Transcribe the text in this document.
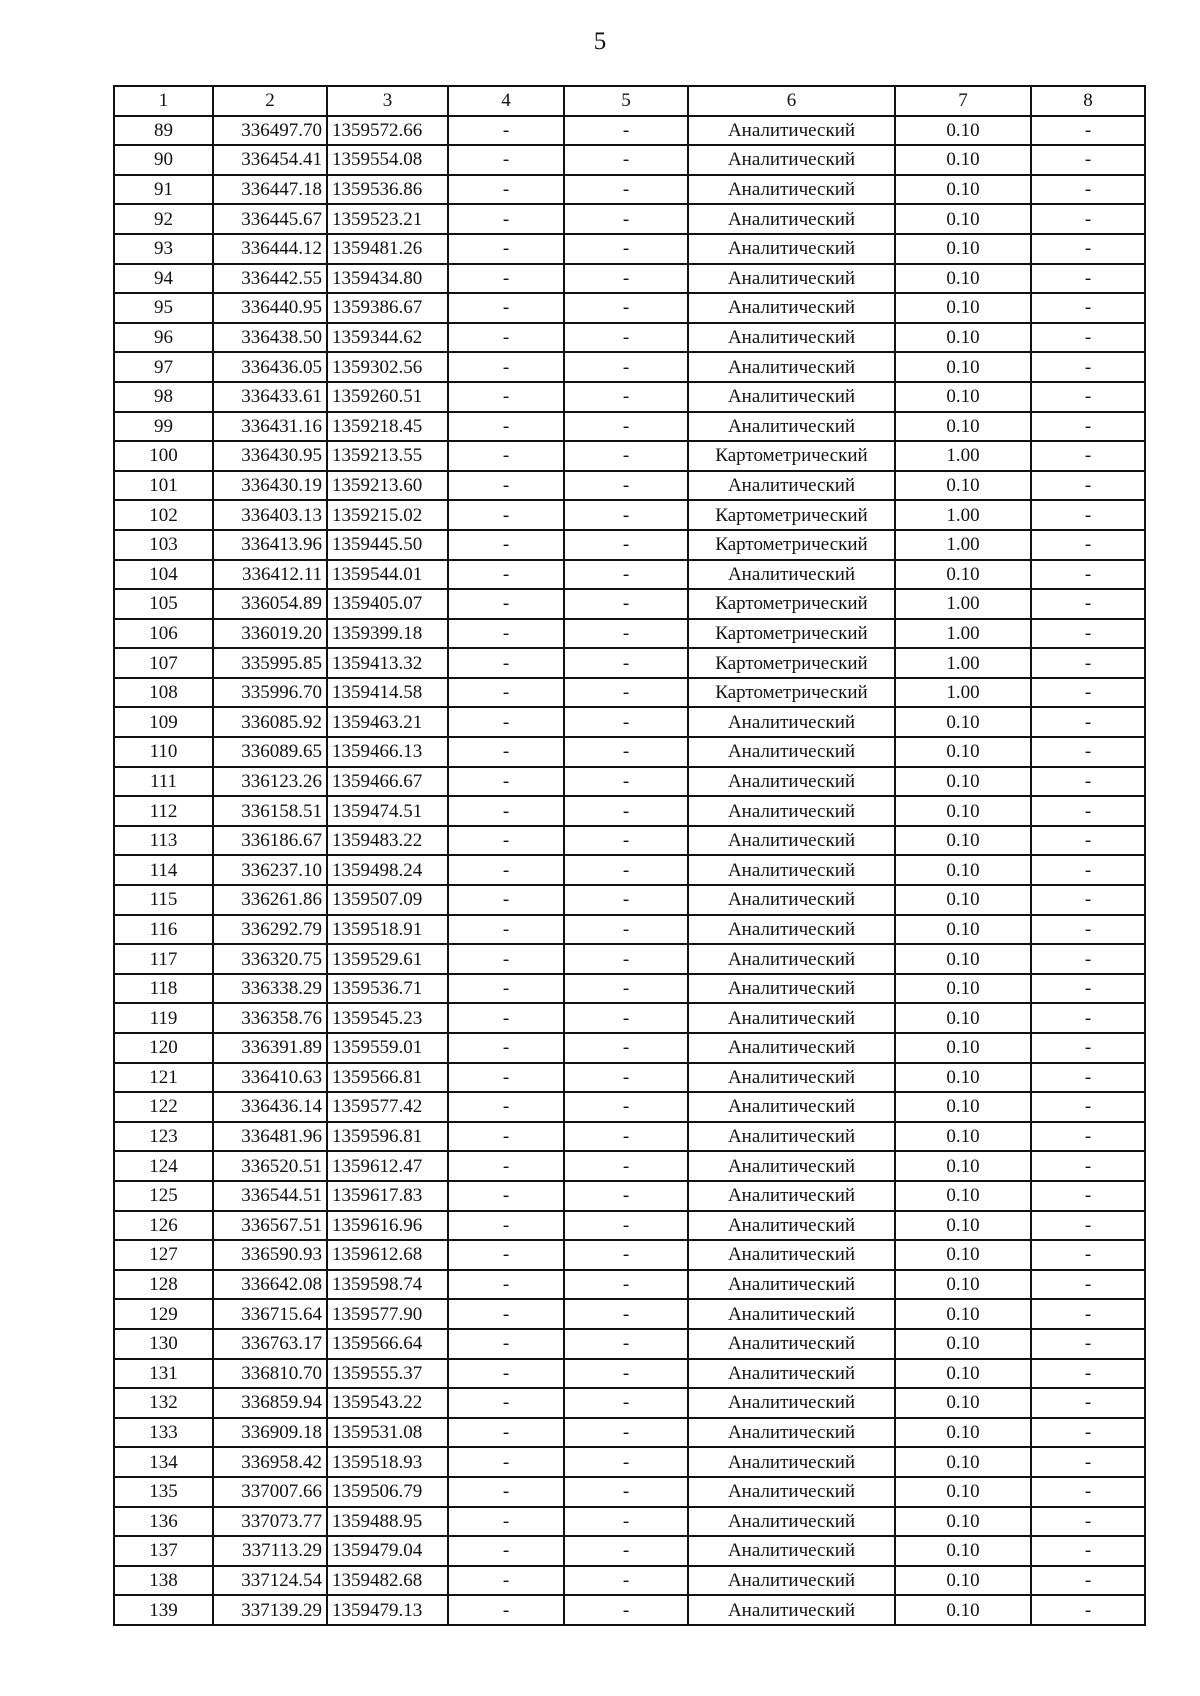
5
1	2	3	4	5	6	7	8
89	336497.70	1359572.66	-	-	Аналитический	0.10	-
90	336454.41	1359554.08	-	-	Аналитический	0.10	-
91	336447.18	1359536.86	-	-	Аналитический	0.10	-
92	336445.67	1359523.21	-	-	Аналитический	0.10	-
93	336444.12	1359481.26	-	-	Аналитический	0.10	-
94	336442.55	1359434.80	-	-	Аналитический	0.10	-
95	336440.95	1359386.67	-	-	Аналитический	0.10	-
96	336438.50	1359344.62	-	-	Аналитический	0.10	-
97	336436.05	1359302.56	-	-	Аналитический	0.10	-
98	336433.61	1359260.51	-	-	Аналитический	0.10	-
99	336431.16	1359218.45	-	-	Аналитический	0.10	-
100	336430.95	1359213.55	-	-	Картометрический	1.00	-
101	336430.19	1359213.60	-	-	Аналитический	0.10	-
102	336403.13	1359215.02	-	-	Картометрический	1.00	-
103	336413.96	1359445.50	-	-	Картометрический	1.00	-
104	336412.11	1359544.01	-	-	Аналитический	0.10	-
105	336054.89	1359405.07	-	-	Картометрический	1.00	-
106	336019.20	1359399.18	-	-	Картометрический	1.00	-
107	335995.85	1359413.32	-	-	Картометрический	1.00	-
108	335996.70	1359414.58	-	-	Картометрический	1.00	-
109	336085.92	1359463.21	-	-	Аналитический	0.10	-
110	336089.65	1359466.13	-	-	Аналитический	0.10	-
111	336123.26	1359466.67	-	-	Аналитический	0.10	-
112	336158.51	1359474.51	-	-	Аналитический	0.10	-
113	336186.67	1359483.22	-	-	Аналитический	0.10	-
114	336237.10	1359498.24	-	-	Аналитический	0.10	-
115	336261.86	1359507.09	-	-	Аналитический	0.10	-
116	336292.79	1359518.91	-	-	Аналитический	0.10	-
117	336320.75	1359529.61	-	-	Аналитический	0.10	-
118	336338.29	1359536.71	-	-	Аналитический	0.10	-
119	336358.76	1359545.23	-	-	Аналитический	0.10	-
120	336391.89	1359559.01	-	-	Аналитический	0.10	-
121	336410.63	1359566.81	-	-	Аналитический	0.10	-
122	336436.14	1359577.42	-	-	Аналитический	0.10	-
123	336481.96	1359596.81	-	-	Аналитический	0.10	-
124	336520.51	1359612.47	-	-	Аналитический	0.10	-
125	336544.51	1359617.83	-	-	Аналитический	0.10	-
126	336567.51	1359616.96	-	-	Аналитический	0.10	-
127	336590.93	1359612.68	-	-	Аналитический	0.10	-
128	336642.08	1359598.74	-	-	Аналитический	0.10	-
129	336715.64	1359577.90	-	-	Аналитический	0.10	-
130	336763.17	1359566.64	-	-	Аналитический	0.10	-
131	336810.70	1359555.37	-	-	Аналитический	0.10	-
132	336859.94	1359543.22	-	-	Аналитический	0.10	-
133	336909.18	1359531.08	-	-	Аналитический	0.10	-
134	336958.42	1359518.93	-	-	Аналитический	0.10	-
135	337007.66	1359506.79	-	-	Аналитический	0.10	-
136	337073.77	1359488.95	-	-	Аналитический	0.10	-
137	337113.29	1359479.04	-	-	Аналитический	0.10	-
138	337124.54	1359482.68	-	-	Аналитический	0.10	-
139	337139.29	1359479.13	-	-	Аналитический	0.10	-
